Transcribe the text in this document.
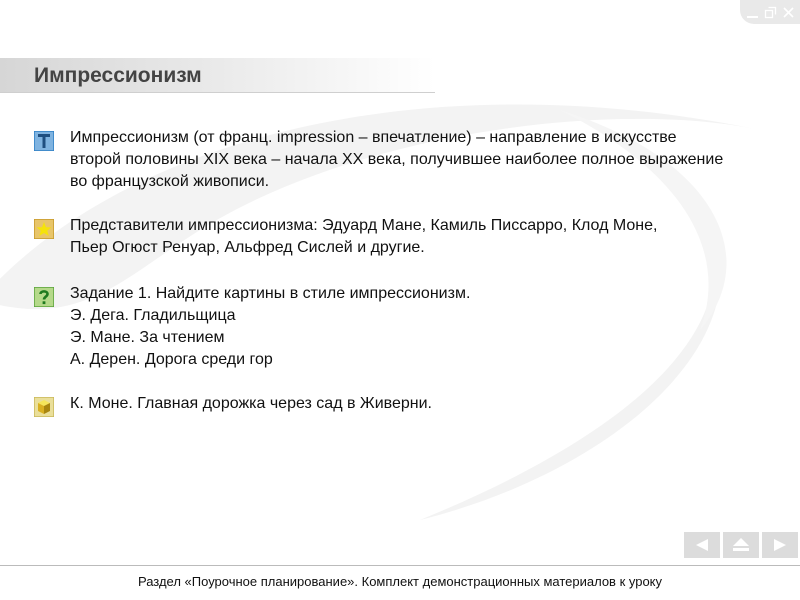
Импрессионизм
Импрессионизм (от франц. impression – впечатление) – направление в искусстве
второй половины XIX века – начала XX века, получившее наиболее полное выражение
во французской живописи.
Представители импрессионизма: Эдуард Мане, Камиль Писсарро, Клод Моне,
Пьер Огюст Ренуар, Альфред Сислей и другие.
Задание 1. Найдите картины в стиле импрессионизм.
Э. Дега. Гладильщица
Э. Мане. За чтением
А. Дерен. Дорога среди гор
К. Моне. Главная дорожка через сад в Живерни.
Раздел «Поурочное планирование». Комплект демонстрационных материалов к уроку
